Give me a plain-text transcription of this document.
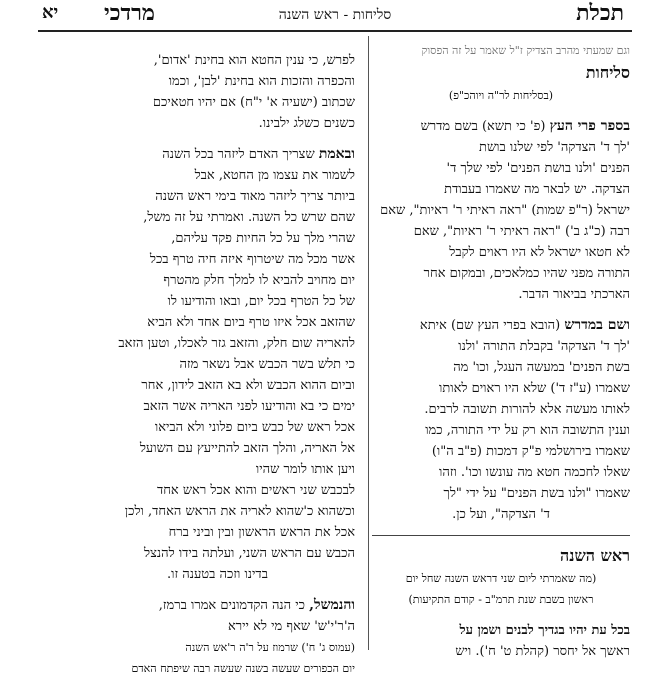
תכלת
סליחות - ראש השנה
מרדכי
יא
וגם שמעתי מהרב הצדיק ז"ל שאמר על זה הפסוק
סליחות
(בסליחות לר"ה ויוהכ"פ)
בספר פרי העץ (פ' כי תשא) בשם מדרש
'לך ד' הצדקה' לפי שלנו בושת
הפנים 'ולנו בושת הפנים' לפי שלך ד'
הצדקה. יש לבאר מה שאמרו בעבודת
ישראל (ר"פ שמות) "ראה ראיתי ר' ראיות", שאם
רבה (כ"ג ב') "ראה ראיתי ר' ראיות", שאם
לא חטאו ישראל לא היו ראוים לקבל
התורה מפני שהיו כמלאכים, ובמקום אחר
הארכתי בביאור הדבר.
ושם במדרש (הובא בפרי העץ שם) איתא
'לך ד' הצדקה' בקבלת התורה 'ולנו
בשת הפנים' במעשה העגל, וכו' מה
שאמרו (ע"ז ד') שלא היו ראוים לאותו
לאותו מעשה אלא להורות תשובה לרבים.
וענין התשובה הוא רק על ידי התורה, כמו
שאמרו בירושלמי פ"ק דמכות (פ"ב ה"ו)
שאלו לחכמה חטא מה עונשו וכו'. וזהו
שאמרו "ולנו בשת הפנים" על ידי "לך
ד' הצדקה", ועל כן.
ראש השנה
(מה שאמרתי ליום שני דראש השנה שחל יום
ראשון בשבת שנת תרמ"ב - קודם התקיעות)
בכל עת יהיו בגדיך לבנים ושמן על
ראשך אל יחסר (קהלת ט' ח'). ויש
לפרש, כי ענין החטא הוא בחינת 'אדום',
והכפרה והזכות הוא בחינת 'לבן', וכמו
שכתוב (ישעיה א' י"ח) אם יהיו חטאיכם
כשנים כשלג ילבינו.
ובאמת שצריך האדם ליזהר בכל השנה
לשמור את עצמו מן החטא, אבל
ביותר צריך ליזהר מאוד בימי ראש השנה
שהם שרש כל השנה. ואמרתי על זה משל,
שהרי מלך על כל החיות פקד עליהם,
אשר מכל מה שיטרוף איזה חיה טרף בכל
יום מחויב להביא לו למלך חלק מהטרף
של כל הטרף בכל יום, ובאו והודיעו לו
שהזאב אכל איזו טרף ביום אחד ולא הביא
להאריה שום חלק, והזאב גזר לאכלו, וטען הזאב
כי תלש בשר הכבש אבל נשאר מזה
וביום ההוא הכבש ולא בא הזאב לידון, אחר
ימים כי בא והודיעו לפני האריה אשר הזאב
אכל ראש של כבש ביום פלוני ולא הביאו
אל האריה, והלך הזאב להתייעץ עם השועל
ויען אותו לומר שהיו
לבכבש שני ראשים והוא אכל ראש אחד
וכשהוא כ'שהוא לאריה את הראש האחד, ולכן
אכל את הראש הראשון ובין וביני ברח
הכבש עם הראש השני, ועלתה בידו להנצל
בדינו וזכה בטענה זו.
והנמשל, כי הנה הקדמונים אמרו ברמז,
ה'ר'י'ש' שאף מי לא יירא
(עמוס ג' ח') שרמוז על ר'ה ר'אש השנה
יום הכפורים שעשה בשנה שעשה רבה שיפתח האדם
